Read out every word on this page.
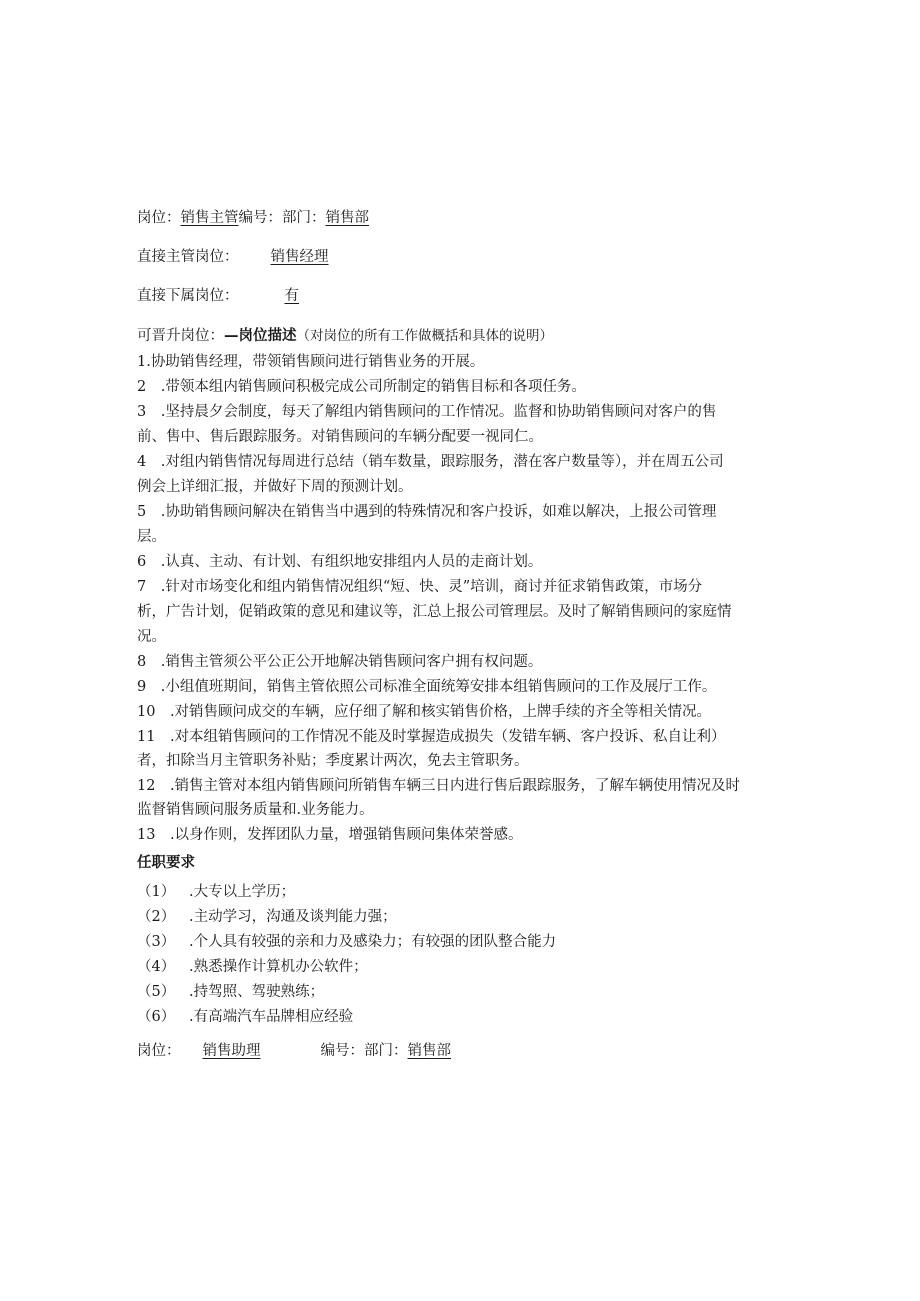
岗位：销售主管编号：部门：销售部
直接主管岗位： 销售经理
直接下属岗位：	有
可晋升岗位：—岗位描述（对岗位的所有工作做概括和具体的说明）
1.协助销售经理，带领销售顾问进行销售业务的开展。
2　.带领本组内销售顾问积极完成公司所制定的销售目标和各项任务。
3　.坚持晨夕会制度，每天了解组内销售顾问的工作情况。监督和协助销售顾问对客户的售
前、售中、售后跟踪服务。对销售顾问的车辆分配要一视同仁。
4　.对组内销售情况每周进行总结（销车数量，跟踪服务，潜在客户数量等），并在周五公司
例会上详细汇报，并做好下周的预测计划。
5　.协助销售顾问解决在销售当中遇到的特殊情况和客户投诉，如难以解决，上报公司管理
层。
6　.认真、主动、有计划、有组织地安排组内人员的走商计划。
7　.针对市场变化和组内销售情况组织“短、快、灵”培训，商讨并征求销售政策，市场分
析，广告计划，促销政策的意见和建议等，汇总上报公司管理层。及时了解销售顾问的家庭情
况。
8　.销售主管须公平公正公开地解决销售顾问客户拥有权问题。
9　.小组值班期间，销售主管依照公司标准全面统筹安排本组销售顾问的工作及展厅工作。
10　.对销售顾问成交的车辆，应仔细了解和核实销售价格，上牌手续的齐全等相关情况。
11　.对本组销售顾问的工作情况不能及时掌握造成损失（发错车辆、客户投诉、私自让利）
者，扣除当月主管职务补贴；季度累计两次，免去主管职务。
12　.销售主管对本组内销售顾问所销售车辆三日内进行售后跟踪服务，了解车辆使用情况及时
监督销售顾问服务质量和.业务能力。
13　.以身作则，发挥团队力量，增强销售顾问集体荣誉感。
任职要求
（1） .大专以上学历；
（2） .主动学习，沟通及谈判能力强；
（3） .个人具有较强的亲和力及感染力；有较强的团队整合能力
（4） .熟悉操作计算机办公软件；
（5） .持驾照、驾驶熟练；
（6） .有高端汽车品牌相应经验
岗位： 销售助理	编号：部门：销售部
